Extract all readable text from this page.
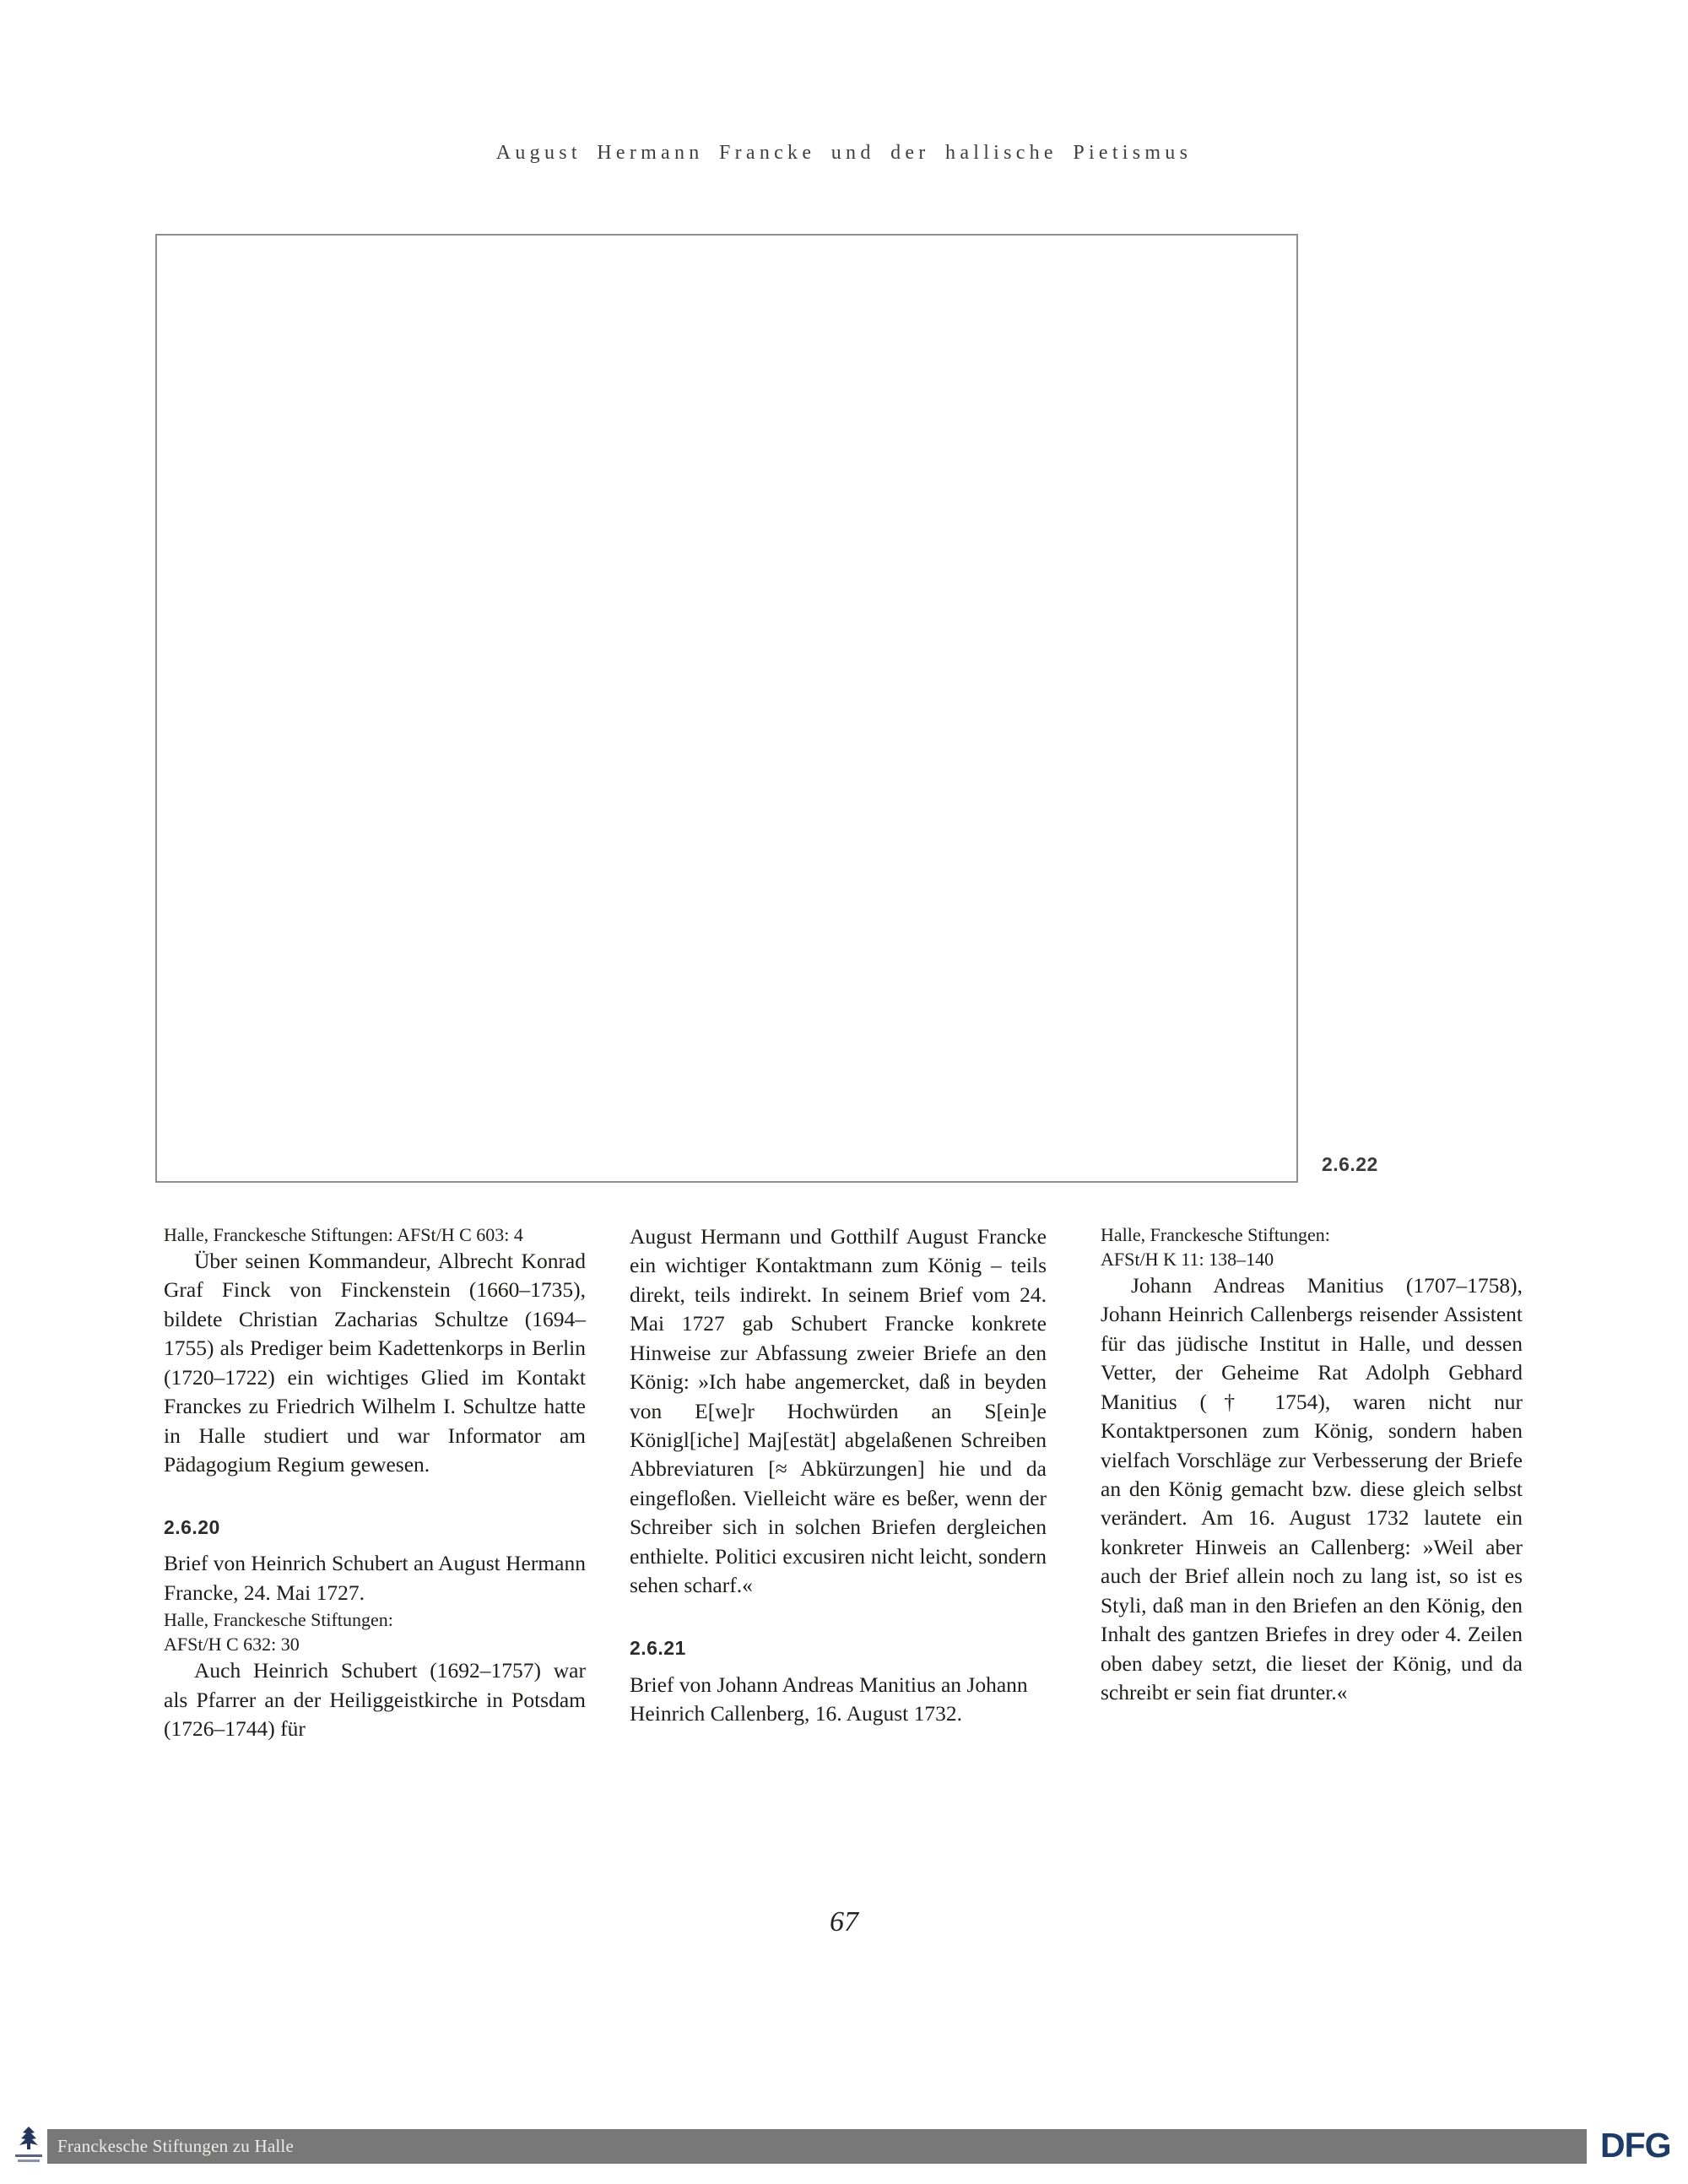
August Hermann Francke und der hallische Pietismus
2.6.22

Halle, Franckesche Stiftungen: AFSt/H C 603: 4

Über seinen Kommandeur, Albrecht Konrad Graf Finck von Finckenstein (1660–1735), bildete Christian Zacharias Schultze (1694–1755) als Prediger beim Kadettenkorps in Berlin (1720–1722) ein wichtiges Glied im Kontakt Franckes zu Friedrich Wilhelm I. Schultze hatte in Halle studiert und war Informator am Pädagogium Regium gewesen.

2.6.20

Brief von Heinrich Schubert an August Hermann Francke, 24. Mai 1727.

Halle, Franckesche Stiftungen:

AFSt/H C 632: 30

Auch Heinrich Schubert (1692–1757) war als Pfarrer an der Heiliggeistkirche in Potsdam (1726–1744) für

August Hermann und Gotthilf August Francke ein wichtiger Kontaktmann zum König – teils direkt, teils indirekt. In seinem Brief vom 24. Mai 1727 gab Schubert Francke konkrete Hinweise zur Abfassung zweier Briefe an den König: »Ich habe angemercket, daß in beyden von E[we]r Hochwürden an S[ein]e Königl[iche] Maj[estät] abgelaßenen Schreiben Abbreviaturen [≈ Abkürzungen] hie und da eingefloßen. Vielleicht wäre es beßer, wenn der Schreiber sich in solchen Briefen dergleichen enthielte. Politici excusiren nicht leicht, sondern sehen scharf.«

2.6.21

Brief von Johann Andreas Manitius an Johann Heinrich Callenberg, 16. August 1732.

Halle, Franckesche Stiftungen:

AFSt/H K 11: 138–140

Johann Andreas Manitius (1707–1758), Johann Heinrich Callenbergs reisender Assistent für das jüdische Institut in Halle, und dessen Vetter, der Geheime Rat Adolph Gebhard Manitius († 1754), waren nicht nur Kontaktpersonen zum König, sondern haben vielfach Vorschläge zur Verbesserung der Briefe an den König gemacht bzw. diese gleich selbst verändert. Am 16. August 1732 lautete ein konkreter Hinweis an Callenberg: »Weil aber auch der Brief allein noch zu lang ist, so ist es Styli, daß man in den Briefen an den König, den Inhalt des gantzen Briefes in drey oder 4. Zeilen oben dabey setzt, die lieset der König, und da schreibt er sein fiat drunter.«

67
Franckesche Stiftungen zu Halle	DFG
